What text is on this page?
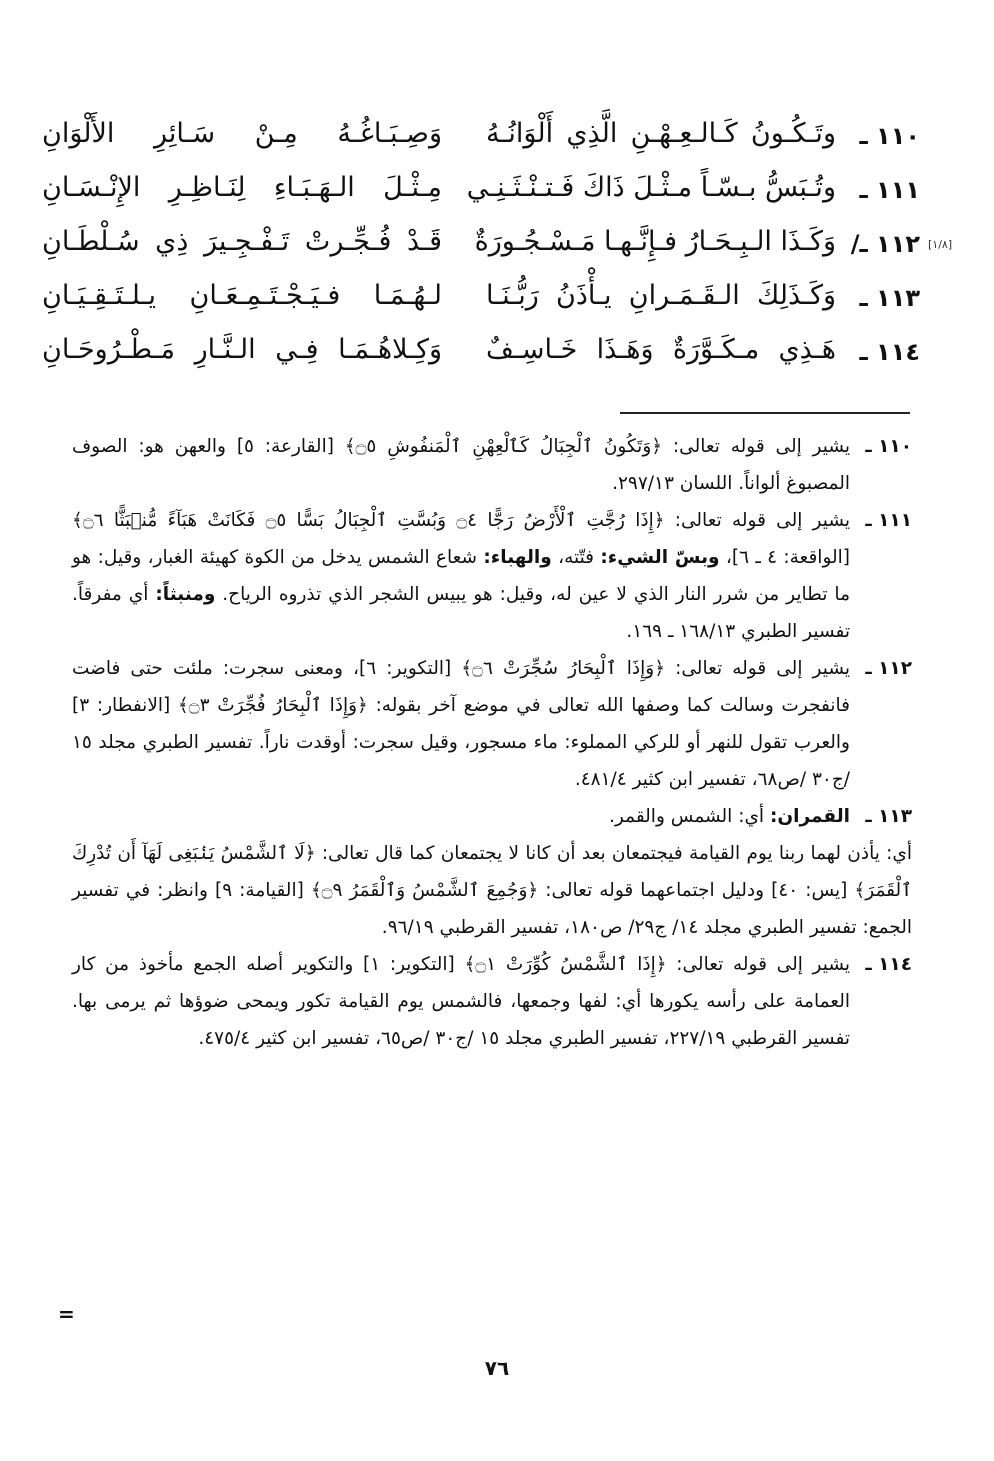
١١٠ ـ
وتَـكُـونُ كَـالـعِـهْـنِ الَّذِي أَلْوَانُـهُ
وَصِـبَـاغُـهُ مِـنْ سَـائِرِ الأَلْوَانِ
١١١ ـ
وتُـبَسُّ بـسّـاً مـثْـلَ ذَاكَ فَـتـنْـثَـنِـي
مِـثْـلَ الـهَـبَـاءِ لِنَـاظِـرِ الإِنْـسَـانِ
١١٢ ـ/
وَكَـذَا الـبِـحَـارُ فـإِنَّـهـا مَـسْـجُـورَةٌ
قَـدْ فُـجِّـرتْ تَـفْـجِـيرَ ذِي سُـلْطَـانِ
١١٣ ـ
وَكَـذَلِكَ الـقَـمَـرانِ يـأْذَنُ رَبُّـنَـا
لـهُـمَـا فـيَـجْـتَـمِـعَـانِ يـلـتَـقِـيَـانِ
١١٤ ـ
هَـذِي مـكَـوَّرَةٌ وَهَـذَا خَـاسِـفٌ
وَكِـلاهُـمَـا فِـي الـنَّـارِ مَـطْـرُوحَـانِ
[١/٨]
١١٠ ـ
يشير إلى قوله تعالى: ﴿وَتَكُونُ ٱلْجِبَالُ كَٱلْعِهْنِ ٱلْمَنفُوشِ ۝٥﴾ [القارعة: ٥] والعهن هو: الصوف المصبوغ ألواناً. اللسان ٢٩٧/١٣.
١١١ ـ
يشير إلى قوله تعالى: ﴿إِذَا رُجَّتِ ٱلْأَرْضُ رَجًّا ۝٤ وَبُسَّتِ ٱلْجِبَالُ بَسًّا ۝٥ فَكَانَتْ هَبَآءً مُّنۢبَثًّا ۝٦﴾ [الواقعة: ٤ ـ ٦]، وبسّ الشيء: فتّته، والهباء: شعاع الشمس يدخل من الكوة كهيئة الغبار، وقيل: هو ما تطاير من شرر النار الذي لا عين له، وقيل: هو يبيس الشجر الذي تذروه الرياح. ومنبثاً: أي مفرقاً. تفسير الطبري ١٦٨/١٣ ـ ١٦٩.
١١٢ ـ
يشير إلى قوله تعالى: ﴿وَإِذَا ٱلْبِحَارُ سُجِّرَتْ ۝٦﴾ [التكوير: ٦]، ومعنى سجرت: ملئت حتى فاضت فانفجرت وسالت كما وصفها الله تعالى في موضع آخر بقوله: ﴿وَإِذَا ٱلْبِحَارُ فُجِّرَتْ ۝٣﴾ [الانفطار: ٣] والعرب تقول للنهر أو للركي المملوء: ماء مسجور، وقيل سجرت: أوقدت ناراً. تفسير الطبري مجلد ١٥ /ج٣٠ /ص٦٨، تفسير ابن كثير ٤٨١/٤.
١١٣ ـ
القمران: أي: الشمس والقمر.
أي: يأذن لهما ربنا يوم القيامة فيجتمعان بعد أن كانا لا يجتمعان كما قال تعالى: ﴿لَا ٱلشَّمْسُ يَنۢبَغِى لَهَآ أَن تُدْرِكَ ٱلْقَمَرَ﴾ [يس: ٤٠] ودليل اجتماعهما قوله تعالى: ﴿وَجُمِعَ ٱلشَّمْسُ وَٱلْقَمَرُ ۝٩﴾ [القيامة: ٩] وانظر: في تفسير الجمع: تفسير الطبري مجلد ١٤/ ج٢٩/ ص١٨٠، تفسير القرطبي ٩٦/١٩.
١١٤ ـ
يشير إلى قوله تعالى: ﴿إِذَا ٱلشَّمْسُ كُوِّرَتْ ۝١﴾ [التكوير: ١] والتكوير أصله الجمع مأخوذ من كار العمامة على رأسه يكورها أي: لفها وجمعها، فالشمس يوم القيامة تكور ويمحى ضوؤها ثم يرمى بها. تفسير القرطبي ٢٢٧/١٩، تفسير الطبري مجلد ١٥ /ج٣٠ /ص٦٥، تفسير ابن كثير ٤٧٥/٤.
=
٧٦
